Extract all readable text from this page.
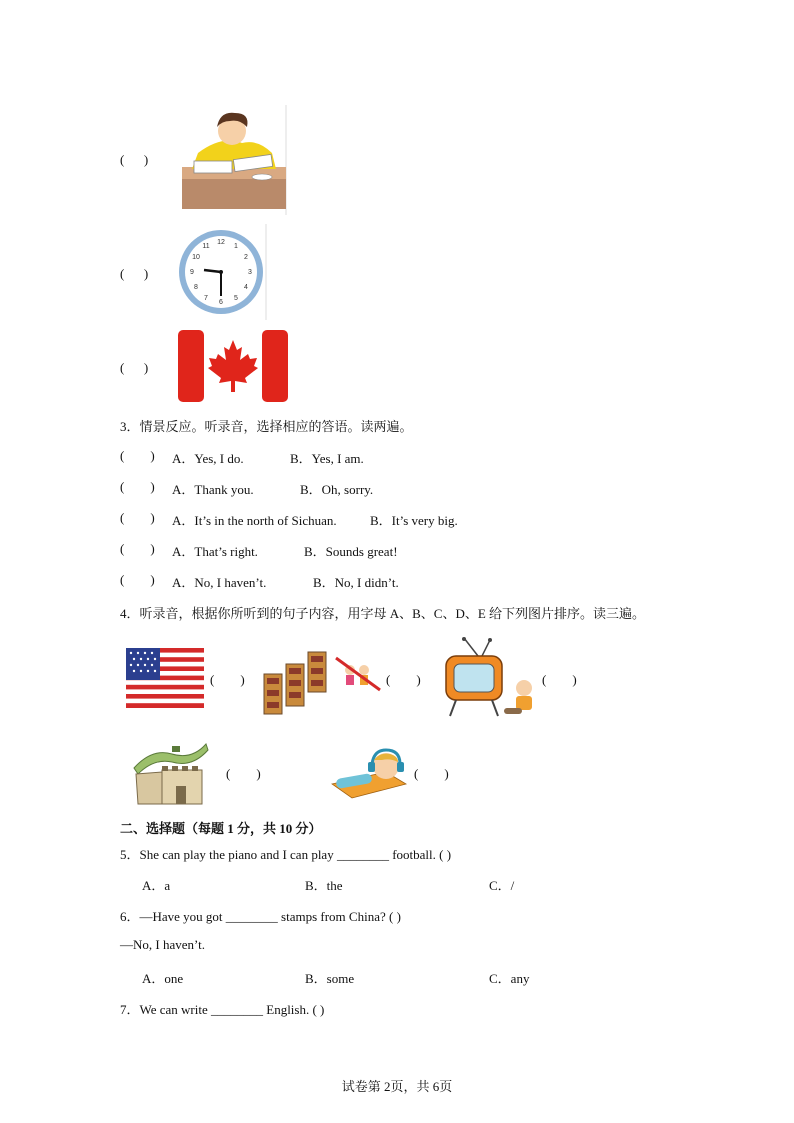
(      )
(      )
12
1
2
3
4
5
6
7
8
9
10
11
(      )
3．情景反应。听录音，选择相应的答语。读两遍。
(        ) A．Yes, I do.	B．Yes, I am.
(        ) A．Thank you.	B．Oh, sorry.
(        ) A．It’s in the north of Sichuan.	B．It’s very big.
(        ) A．That’s right.	B．Sounds great!
(        ) A．No, I haven’t.	B．No, I didn’t.
4．听录音，根据你所听到的句子内容，用字母 A、B、C、D、E 给下列图片排序。读三遍。
(        )	(        )	(        )
(        )	(        )
二、选择题（每题 1 分，共 10 分）
5．She can play the piano and I can play ________ football. ( )
A．a	B．the	C．/
6．—Have you got ________ stamps from China? ( )
—No, I haven’t.
A．one	B．some	C．any
7．We can write ________ English. ( )
试卷第 2页，共 6页
